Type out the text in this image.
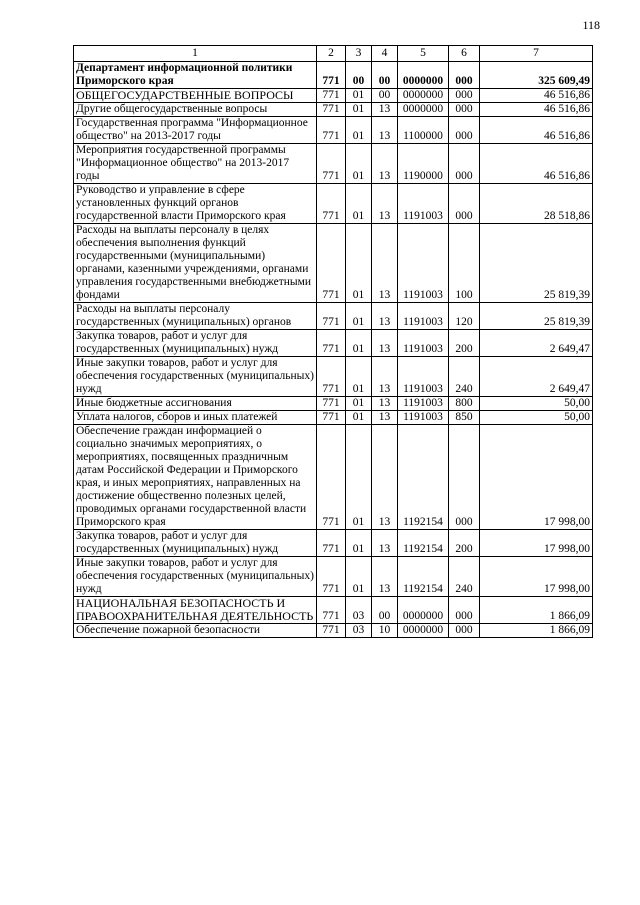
118
1	2	3	4	5	6	7
Департамент информационной политики Приморского края	771	00	00	0000000	000	325 609,49
ОБЩЕГОСУДАРСТВЕННЫЕ ВОПРОСЫ	771	01	00	0000000	000	46 516,86
Другие общегосударственные вопросы	771	01	13	0000000	000	46 516,86
Государственная программа "Информационное общество" на 2013-2017 годы	771	01	13	1100000	000	46 516,86
Мероприятия государственной программы "Информационное общество" на 2013-2017 годы	771	01	13	1190000	000	46 516,86
Руководство и управление в сфере установленных функций органов государственной власти Приморского края	771	01	13	1191003	000	28 518,86
Расходы на выплаты персоналу в целях обеспечения выполнения функций государственными (муниципальными) органами, казенными учреждениями, органами управления государственными внебюджетными фондами	771	01	13	1191003	100	25 819,39
Расходы на выплаты персоналу государственных (муниципальных) органов	771	01	13	1191003	120	25 819,39
Закупка товаров, работ и услуг для государственных (муниципальных) нужд	771	01	13	1191003	200	2 649,47
Иные закупки товаров, работ и услуг для обеспечения государственных (муниципальных) нужд	771	01	13	1191003	240	2 649,47
Иные бюджетные ассигнования	771	01	13	1191003	800	50,00
Уплата налогов, сборов и иных платежей	771	01	13	1191003	850	50,00
Обеспечение граждан информацией о социально значимых мероприятиях, о мероприятиях, посвященных праздничным датам Российской Федерации и Приморского края, и иных мероприятиях, направленных на достижение общественно полезных целей, проводимых органами государственной власти Приморского края	771	01	13	1192154	000	17 998,00
Закупка товаров, работ и услуг для государственных (муниципальных) нужд	771	01	13	1192154	200	17 998,00
Иные закупки товаров, работ и услуг для обеспечения государственных (муниципальных) нужд	771	01	13	1192154	240	17 998,00
НАЦИОНАЛЬНАЯ БЕЗОПАСНОСТЬ И ПРАВООХРАНИТЕЛЬНАЯ ДЕЯТЕЛЬНОСТЬ	771	03	00	0000000	000	1 866,09
Обеспечение пожарной безопасности	771	03	10	0000000	000	1 866,09
